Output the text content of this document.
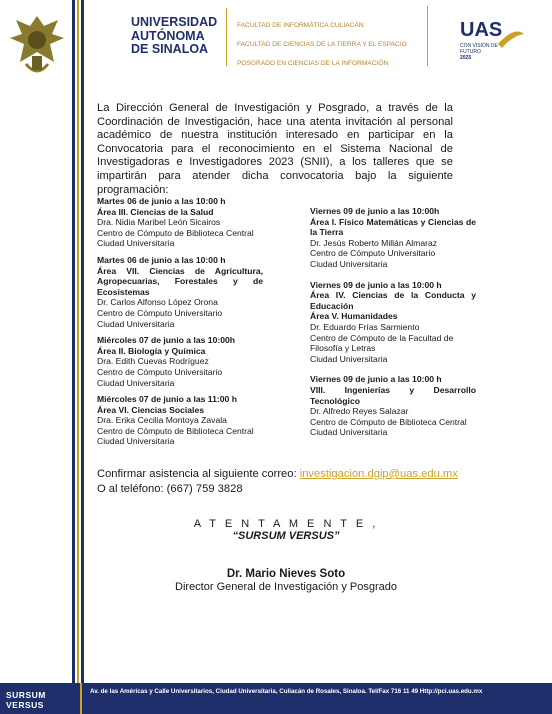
UNIVERSIDAD
AUTÓNOMA
DE SINALOA
FACULTAD DE INFORMÁTICA CULIACÁN
FACULTAD DE CIENCIAS DE LA TIERRA Y EL ESPACIO
POSGRADO EN CIENCIAS DE LA INFORMACIÓN
UAS
CON VISIÓN DE
FUTURO
2025
La Dirección General de Investigación y Posgrado, a través de la Coordinación de Investigación, hace una atenta invitación al personal académico de nuestra institución interesado en participar en la Convocatoria para el reconocimiento en el Sistema Nacional de Investigadoras e Investigadores 2023 (SNII), a los talleres que se impartirán para atender dicha convocatoria bajo la siguiente programación:
Martes 06 de junio a las 10:00 h
Área III. Ciencias de la Salud
Dra. Nidia Maribel León Sicairos
Centro de Cómputo de Biblioteca Central
Ciudad Universitaria
Martes 06 de junio a las 10:00 h
Área VII. Ciencias de Agricultura, Agropecuarias, Forestales y de Ecosistemas
Dr. Carlos Alfonso López Orona
Centro de Cómputo Universitario
Ciudad Universitaria
Miércoles 07 de junio a las 10:00h
Área II. Biología y Química
Dra. Edith Cuevas Rodríguez
Centro de Cómputo Universitario
Ciudad Universitaria
Miércoles 07 de junio a las 11:00 h
Área VI. Ciencias Sociales
Dra. Erika Cecilia Montoya Zavala
Centro de Cómputo de Biblioteca Central
Ciudad Universitaria
Viernes 09 de junio a las 10:00h
Área I. Físico Matemáticas y Ciencias de la Tierra
Dr. Jesús Roberto Millán Almaraz
Centro de Cómputo Universitario
Ciudad Universitaria
Viernes 09 de junio a las 10:00 h
Área IV. Ciencias de la Conducta y Educación
Área V. Humanidades
Dr. Eduardo Frías Sarmiento
Centro de Cómputo de la Facultad de Filosofía y Letras
Ciudad Universitaria
Viernes 09 de junio a las 10:00 h
VIII. Ingenierías y Desarrollo Tecnológico
Dr. Alfredo Reyes Salazar
Centro de Cómputo de Biblioteca Central
Ciudad Universitaria
Confirmar asistencia al siguiente correo: investigacion.dgip@uas.edu.mx
O al teléfono: (667) 759 3828
A T E N T A M E N T E ,
“SURSUM VERSUS”
Dr. Mario Nieves Soto
Director General de Investigación y Posgrado
SURSUM VERSUS
Av. de las Américas y Calle Universitarios, Ciudad Universitaria, Culiacán de Rosales, Sinaloa. Tel/Fax 716 11 49 Http://pci.uas.edu.mx
